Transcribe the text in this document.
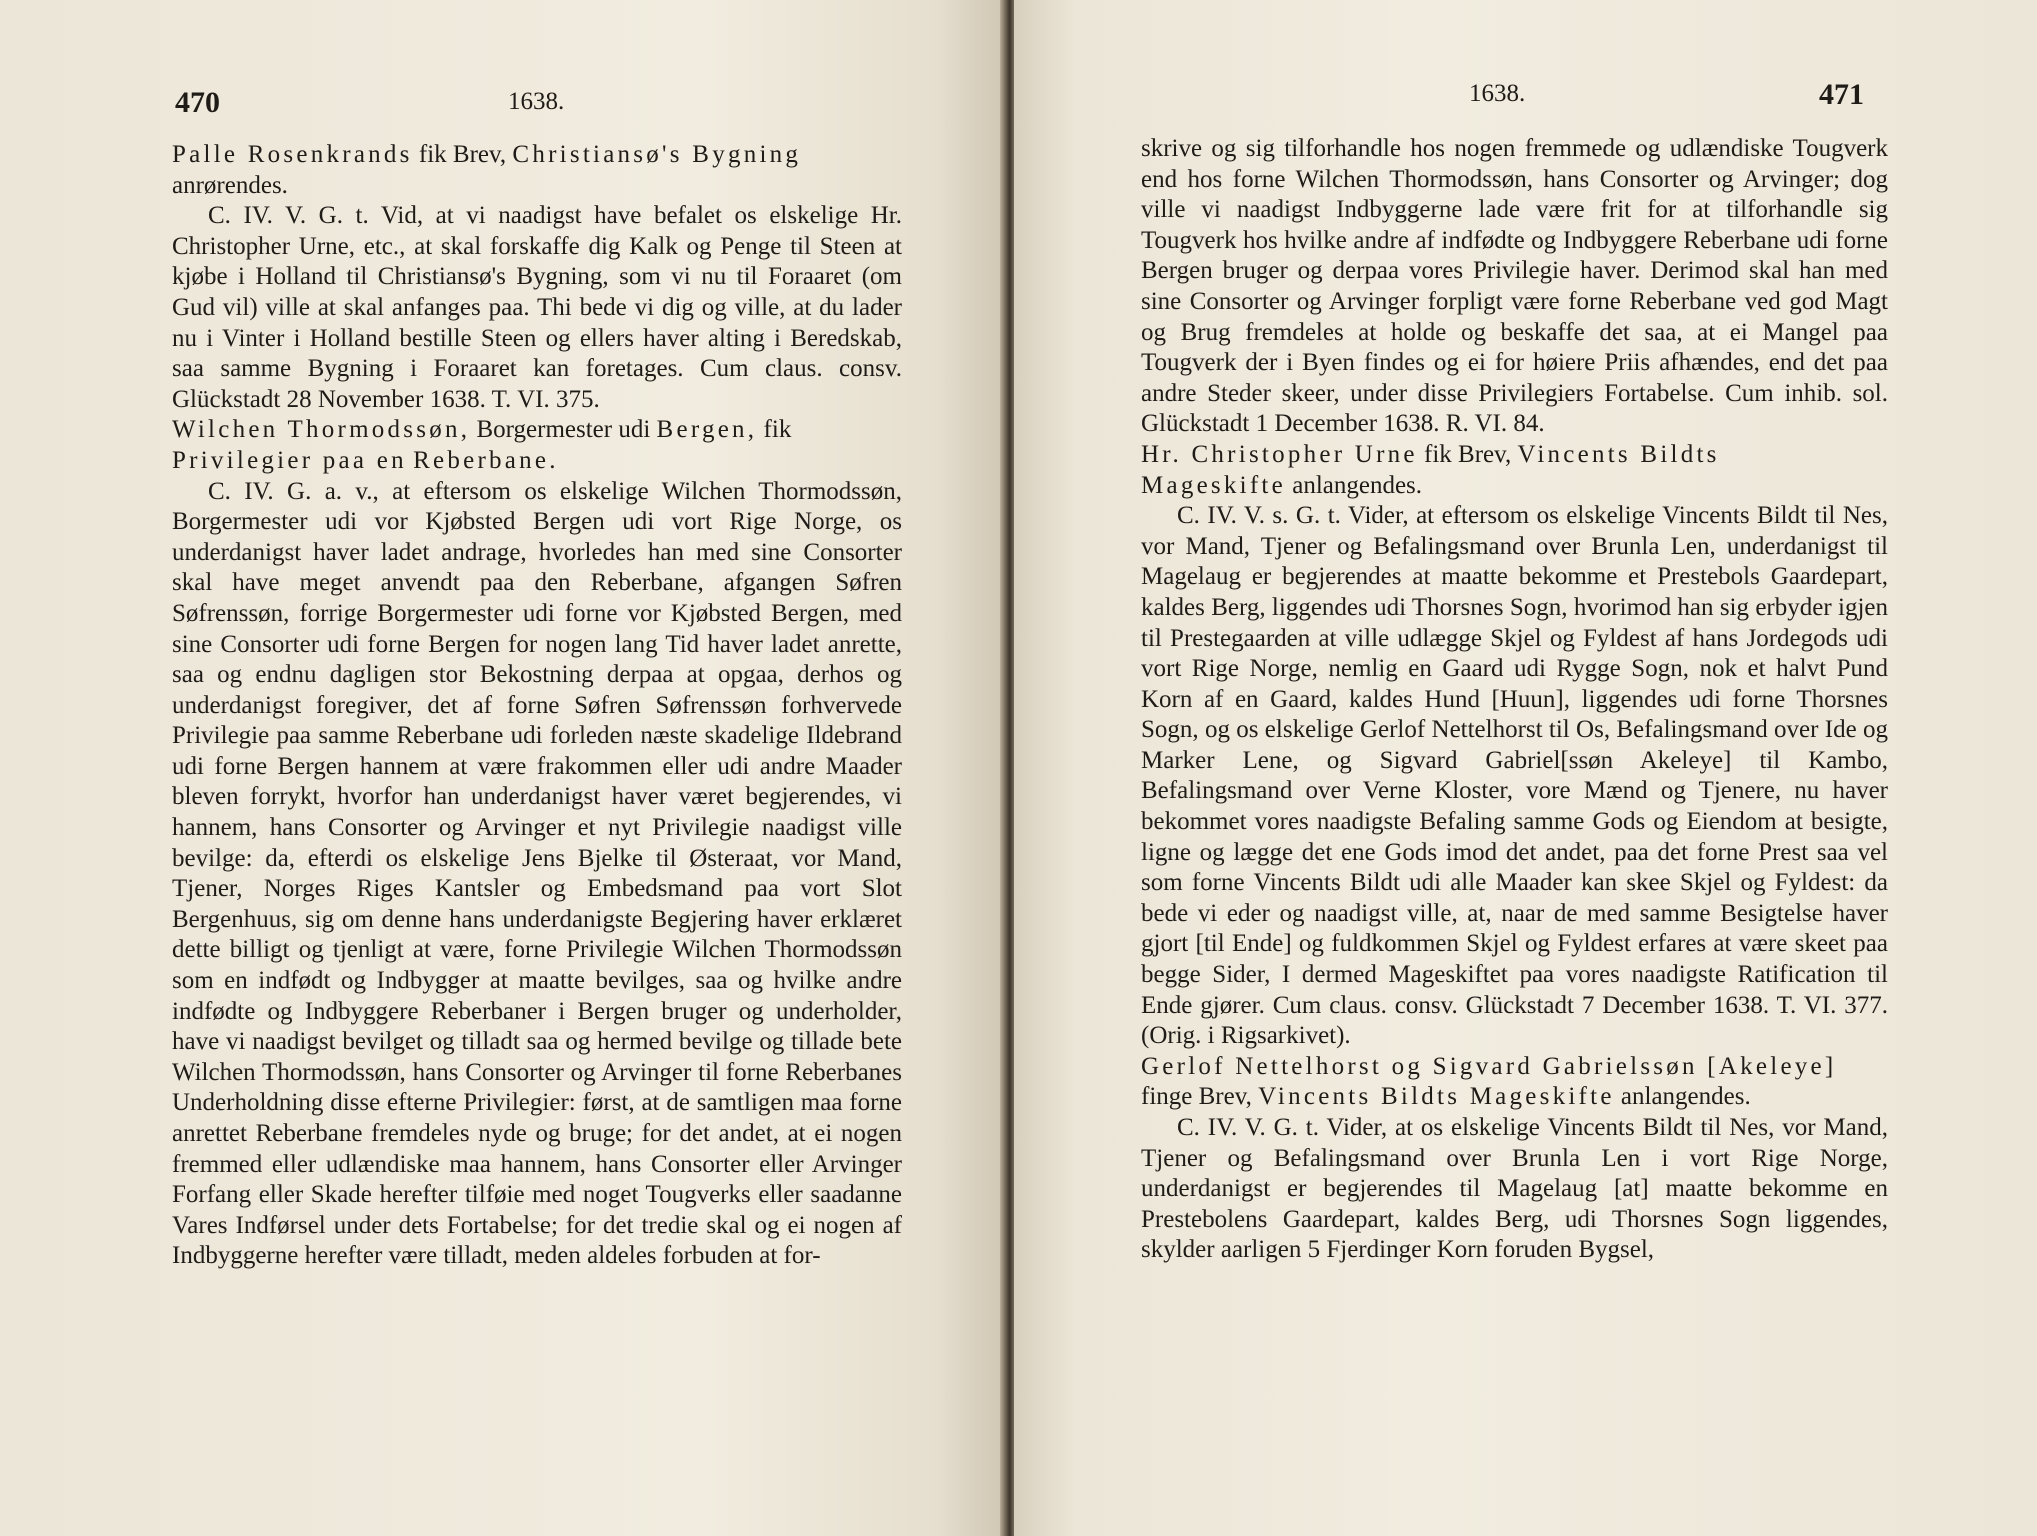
470	1638.

Palle Rosenkrands fik Brev, Christiansø's Bygning
anrørendes.

C. IV. V. G. t. Vid, at vi naadigst have befalet os elskelige Hr. Christopher Urne, etc., at skal forskaffe dig Kalk og Penge til Steen at kjøbe i Holland til Christiansø's Bygning, som vi nu til Foraaret (om Gud vil) ville at skal anfanges paa. Thi bede vi dig og ville, at du lader nu i Vinter i Holland bestille Steen og ellers haver alting i Beredskab, saa samme Bygning i Foraaret kan foretages. Cum claus. consv. Glückstadt 28 November 1638. T. VI. 375.

Wilchen Thormodssøn, Borgermester udi Bergen, fik
Privilegier paa en Reberbane.

C. IV. G. a. v., at eftersom os elskelige Wilchen Thormodssøn, Borgermester udi vor Kjøbsted Bergen udi vort Rige Norge, os underdanigst haver ladet andrage, hvorledes han med sine Consorter skal have meget anvendt paa den Reberbane, afgangen Søfren Søfrenssøn, forrige Borgermester udi forne vor Kjøbsted Bergen, med sine Consorter udi forne Bergen for nogen lang Tid haver ladet anrette, saa og endnu dagligen stor Bekostning derpaa at opgaa, derhos og underdanigst foregiver, det af forne Søfren Søfrenssøn forhvervede Privilegie paa samme Reberbane udi forleden næste skadelige Ildebrand udi forne Bergen hannem at være frakommen eller udi andre Maader bleven forrykt, hvorfor han underdanigst haver været begjerendes, vi hannem, hans Consorter og Arvinger et nyt Privilegie naadigst ville bevilge: da, efterdi os elskelige Jens Bjelke til Østeraat, vor Mand, Tjener, Norges Riges Kantsler og Embedsmand paa vort Slot Bergenhuus, sig om denne hans underdanigste Begjering haver erklæret dette billigt og tjenligt at være, forne Privilegie Wilchen Thormodssøn som en indfødt og Indbygger at maatte bevilges, saa og hvilke andre indfødte og Indbyggere Reberbaner i Bergen bruger og underholder, have vi naadigst bevilget og tilladt saa og hermed bevilge og tillade bete Wilchen Thormodssøn, hans Consorter og Arvinger til forne Reberbanes Underholdning disse efterne Privilegier: først, at de samtligen maa forne anrettet Reberbane fremdeles nyde og bruge; for det andet, at ei nogen fremmed eller udlændiske maa hannem, hans Consorter eller Arvinger Forfang eller Skade herefter tilføie med noget Tougverks eller saadanne Vares Indførsel under dets Fortabelse; for det tredie skal og ei nogen af Indbyggerne herefter være tilladt, meden aldeles forbuden at for-

1638.	471

skrive og sig tilforhandle hos nogen fremmede og udlændiske Tougverk end hos forne Wilchen Thormodssøn, hans Consorter og Arvinger; dog ville vi naadigst Indbyggerne lade være frit for at tilforhandle sig Tougverk hos hvilke andre af indfødte og Indbyggere Reberbane udi forne Bergen bruger og derpaa vores Privilegie haver. Derimod skal han med sine Consorter og Arvinger forpligt være forne Reberbane ved god Magt og Brug fremdeles at holde og beskaffe det saa, at ei Mangel paa Tougverk der i Byen findes og ei for høiere Priis afhændes, end det paa andre Steder skeer, under disse Privilegiers Fortabelse. Cum inhib. sol. Glückstadt 1 December 1638. R. VI. 84.

Hr. Christopher Urne fik Brev, Vincents Bildts
Mageskifte anlangendes.

C. IV. V. s. G. t. Vider, at eftersom os elskelige Vincents Bildt til Nes, vor Mand, Tjener og Befalingsmand over Brunla Len, underdanigst til Magelaug er begjerendes at maatte bekomme et Prestebols Gaardepart, kaldes Berg, liggendes udi Thorsnes Sogn, hvorimod han sig erbyder igjen til Prestegaarden at ville udlægge Skjel og Fyldest af hans Jordegods udi vort Rige Norge, nemlig en Gaard udi Rygge Sogn, nok et halvt Pund Korn af en Gaard, kaldes Hund [Huun], liggendes udi forne Thorsnes Sogn, og os elskelige Gerlof Nettelhorst til Os, Befalingsmand over Ide og Marker Lene, og Sigvard Gabriel[ssøn Akeleye] til Kambo, Befalingsmand over Verne Kloster, vore Mænd og Tjenere, nu haver bekommet vores naadigste Befaling samme Gods og Eiendom at besigte, ligne og lægge det ene Gods imod det andet, paa det forne Prest saa vel som forne Vincents Bildt udi alle Maader kan skee Skjel og Fyldest: da bede vi eder og naadigst ville, at, naar de med samme Besigtelse haver gjort [til Ende] og fuldkommen Skjel og Fyldest erfares at være skeet paa begge Sider, I dermed Mageskiftet paa vores naadigste Ratification til Ende gjører. Cum claus. consv. Glückstadt 7 December 1638. T. VI. 377. (Orig. i Rigsarkivet).

Gerlof Nettelhorst og Sigvard Gabrielssøn [Akeleye]
finge Brev, Vincents Bildts Mageskifte anlangendes.

C. IV. V. G. t. Vider, at os elskelige Vincents Bildt til Nes, vor Mand, Tjener og Befalingsmand over Brunla Len i vort Rige Norge, underdanigst er begjerendes til Magelaug [at] maatte bekomme en Prestebolens Gaardepart, kaldes Berg, udi Thorsnes Sogn liggendes, skylder aarligen 5 Fjerdinger Korn foruden Bygsel,
